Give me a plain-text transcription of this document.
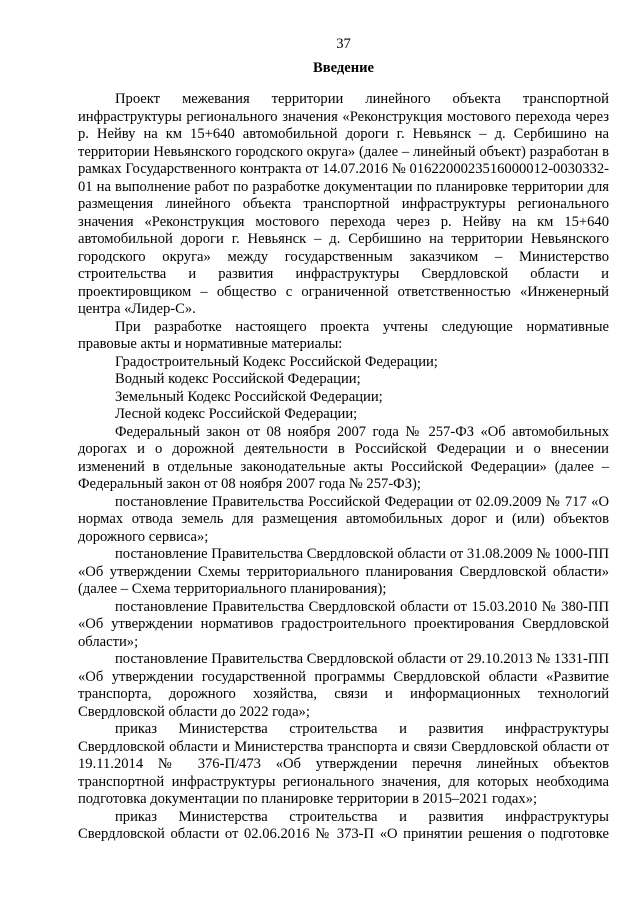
37

Введение

Проект межевания территории линейного объекта транспортной инфраструктуры регионального значения «Реконструкция мостового перехода через р. Нейву на км 15+640 автомобильной дороги г. Невьянск – д. Сербишино на территории Невьянского городского округа» (далее – линейный объект) разработан в рамках Государственного контракта от 14.07.2016 № 0162200023516000012-0030332-01 на выполнение работ по разработке документации по планировке территории для размещения линейного объекта транспортной инфраструктуры регионального значения «Реконструкция мостового перехода через р. Нейву на км 15+640 автомобильной дороги г. Невьянск – д. Сербишино на территории Невьянского городского округа» между государственным заказчиком – Министерство строительства и развития инфраструктуры Свердловской области и проектировщиком – общество с ограниченной ответственностью «Инженерный центра «Лидер-С».

При разработке настоящего проекта учтены следующие нормативные правовые акты и нормативные материалы:

Градостроительный Кодекс Российской Федерации;

Водный кодекс Российской Федерации;

Земельный Кодекс Российской Федерации;

Лесной кодекс Российской Федерации;

Федеральный закон от 08 ноября 2007 года № 257-ФЗ «Об автомобильных дорогах и о дорожной деятельности в Российской Федерации и о внесении изменений в отдельные законодательные акты Российской Федерации» (далее – Федеральный закон от 08 ноября 2007 года № 257-ФЗ);

постановление Правительства Российской Федерации от 02.09.2009 № 717 «О нормах отвода земель для размещения автомобильных дорог и (или) объектов дорожного сервиса»;

постановление Правительства Свердловской области от 31.08.2009 № 1000-ПП «Об утверждении Схемы территориального планирования Свердловской области» (далее – Схема территориального планирования);

постановление Правительства Свердловской области от 15.03.2010 № 380-ПП «Об утверждении нормативов градостроительного проектирования Свердловской области»;

постановление Правительства Свердловской области от 29.10.2013 № 1331-ПП «Об утверждении государственной программы Свердловской области «Развитие транспорта, дорожного хозяйства, связи и информационных технологий Свердловской области до 2022 года»;

приказ Министерства строительства и развития инфраструктуры Свердловской области и Министерства транспорта и связи Свердловской области от 19.11.2014 № 376-П/473 «Об утверждении перечня линейных объектов транспортной инфраструктуры регионального значения, для которых необходима подготовка документации по планировке территории в 2015–2021 годах»;

приказ Министерства строительства и развития инфраструктуры Свердловской области от 02.06.2016 № 373-П «О принятии решения о подготовке
